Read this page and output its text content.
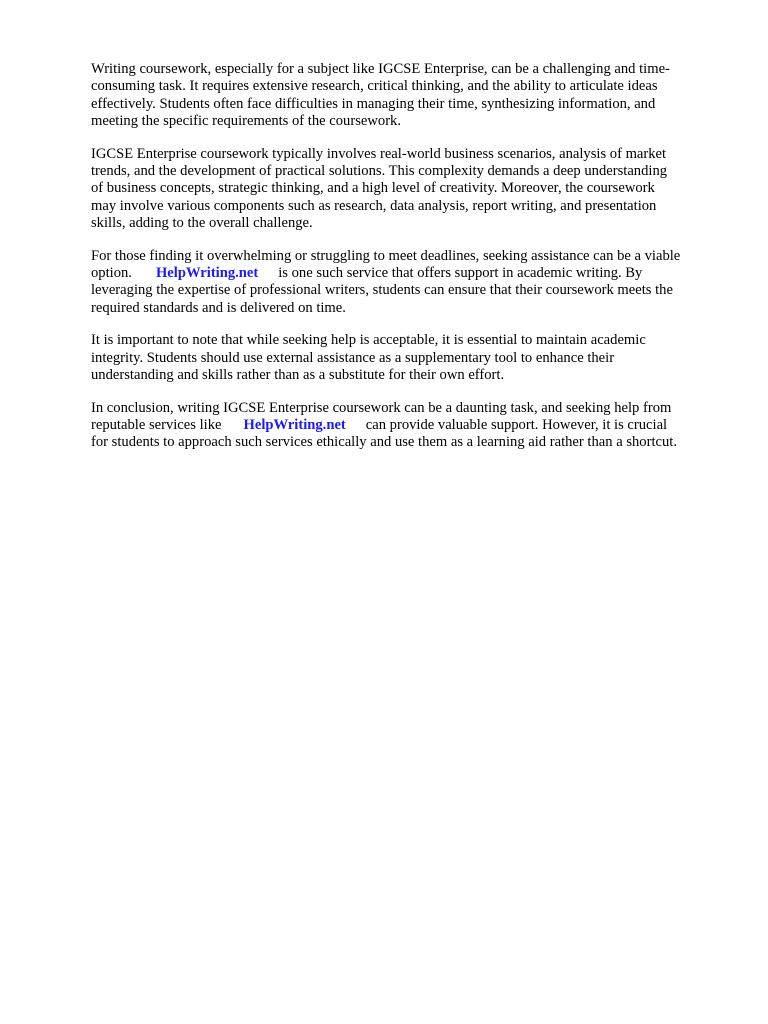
Writing coursework, especially for a subject like IGCSE Enterprise, can be a challenging and time-
consuming task. It requires extensive research, critical thinking, and the ability to articulate ideas
effectively. Students often face difficulties in managing their time, synthesizing information, and
meeting the specific requirements of the coursework.

IGCSE Enterprise coursework typically involves real-world business scenarios, analysis of market
trends, and the development of practical solutions. This complexity demands a deep understanding
of business concepts, strategic thinking, and a high level of creativity. Moreover, the coursework
may involve various components such as research, data analysis, report writing, and presentation
skills, adding to the overall challenge.

For those finding it overwhelming or struggling to meet deadlines, seeking assistance can be a viable
option. HelpWriting.net is one such service that offers support in academic writing. By
leveraging the expertise of professional writers, students can ensure that their coursework meets the
required standards and is delivered on time.

It is important to note that while seeking help is acceptable, it is essential to maintain academic
integrity. Students should use external assistance as a supplementary tool to enhance their
understanding and skills rather than as a substitute for their own effort.

In conclusion, writing IGCSE Enterprise coursework can be a daunting task, and seeking help from
reputable services like HelpWriting.net can provide valuable support. However, it is crucial
for students to approach such services ethically and use them as a learning aid rather than a shortcut.
